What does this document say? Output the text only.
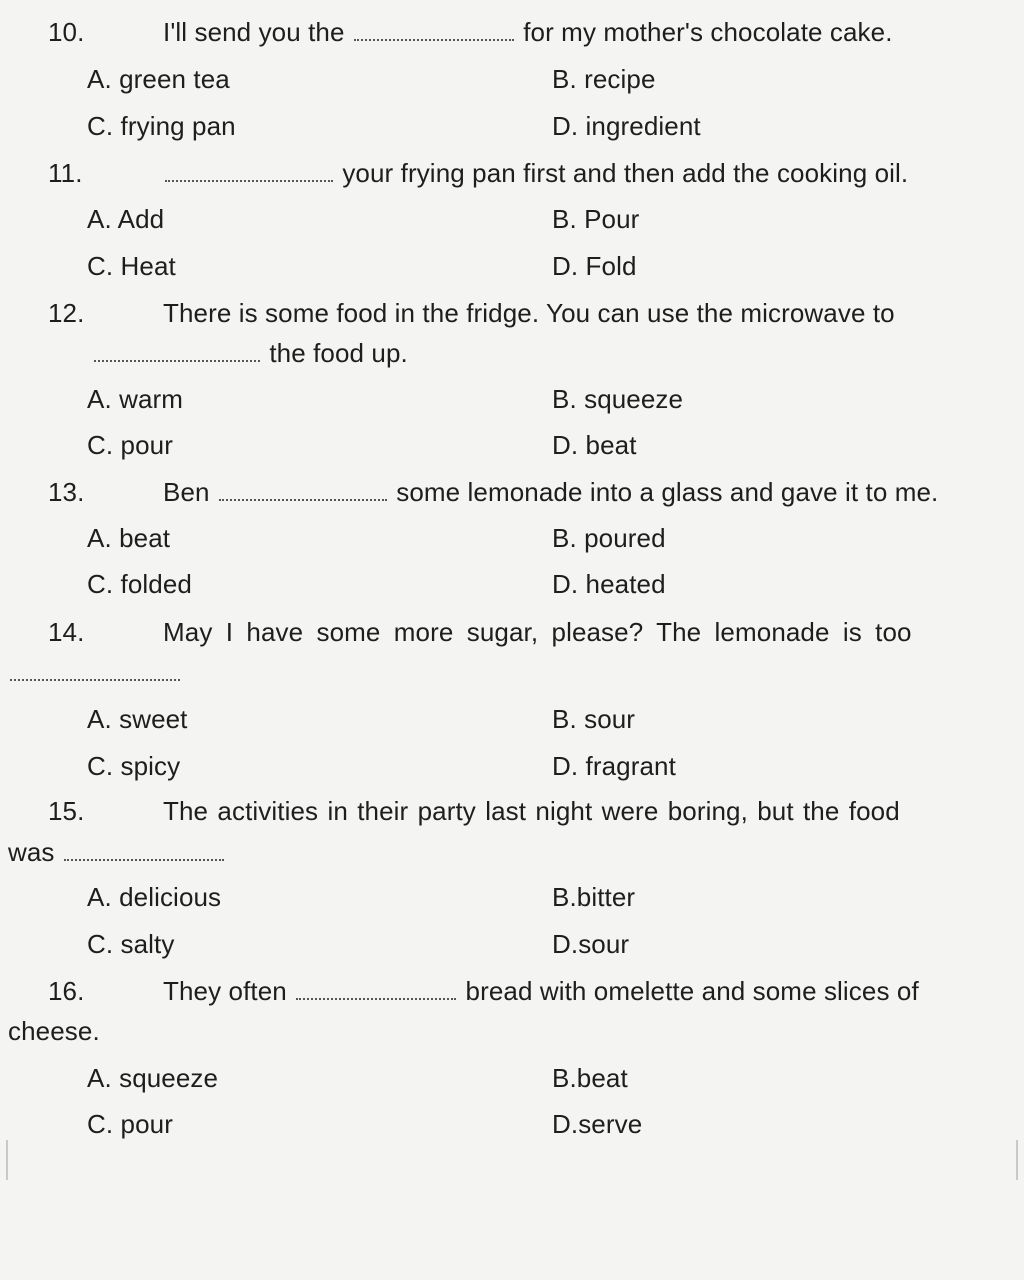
10.	I'll send you the	for my mother's chocolate cake.
A. green tea	B. recipe
C. frying pan	D. ingredient
11.	your frying pan first and then add the cooking oil.
A. Add	B. Pour
C. Heat	D. Fold
12.	There is some food in the fridge. You can use the microwave to
the food up.
A. warm	B. squeeze
C. pour	D. beat
13.	Ben	some lemonade into a glass and gave it to me.
A. beat	B. poured
C. folded	D. heated
14.	May I have some more sugar, please? The lemonade is too
A. sweet	B. sour
C. spicy	D. fragrant
15.	The activities in their party last night were boring, but the food
was
A. delicious	B.bitter
C. salty	D.sour
16.	They often	bread with omelette and some slices of
cheese.
A. squeeze	B.beat
C. pour	D.serve
